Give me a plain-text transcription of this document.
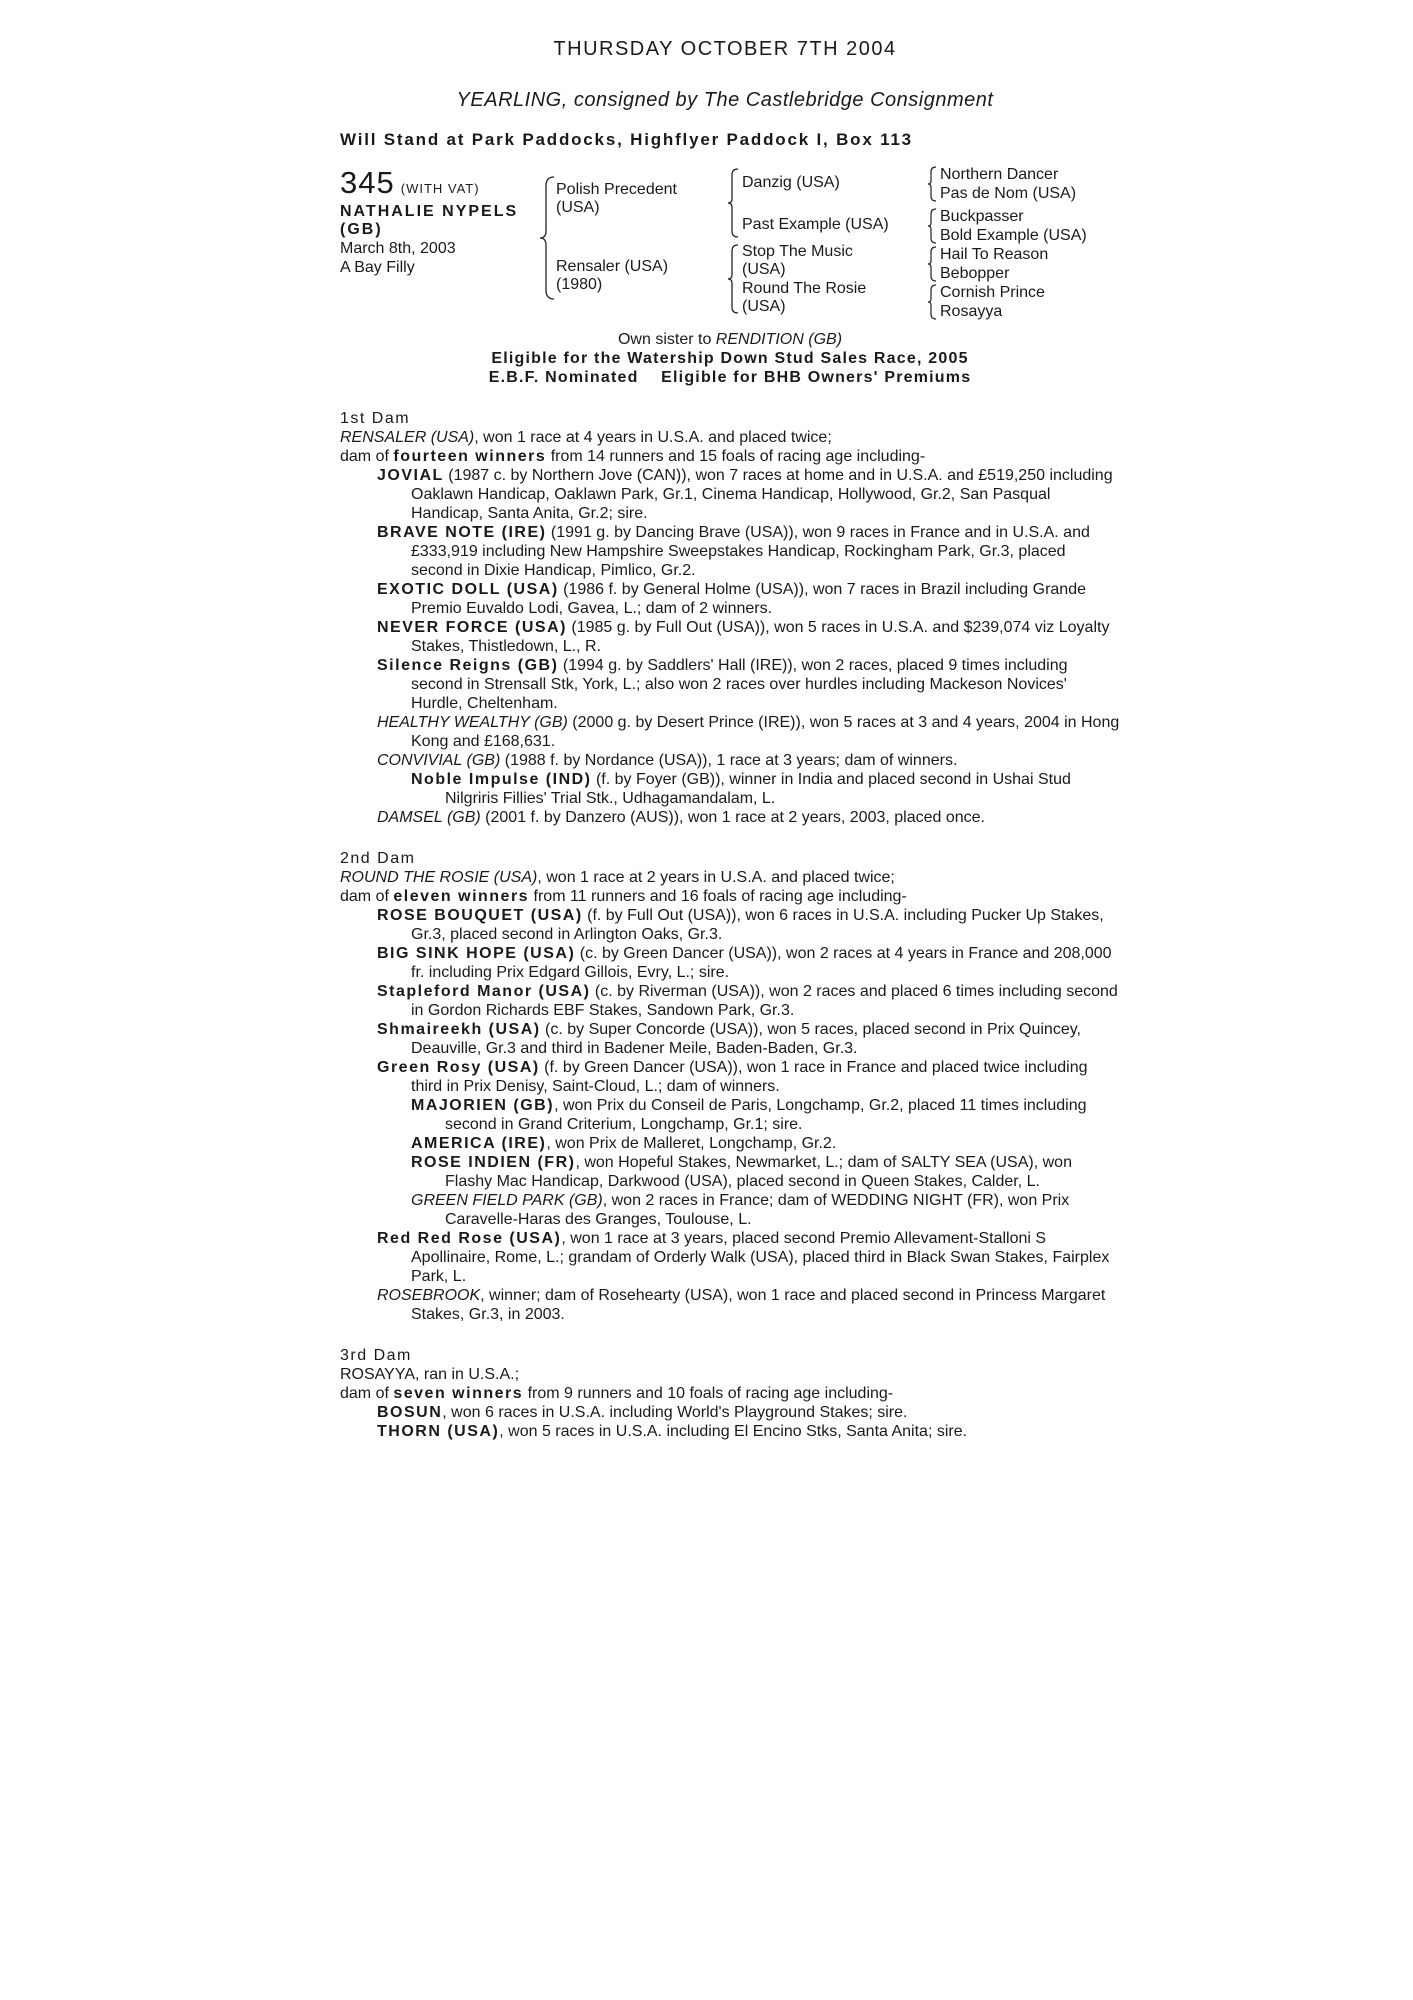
THURSDAY OCTOBER 7TH 2004
YEARLING, consigned by The Castlebridge Consignment
Will Stand at Park Paddocks, Highflyer Paddock I, Box 113
345 (WITH VAT)
NATHALIE NYPELS (GB)
March 8th, 2003
A Bay Filly
Polish Precedent (USA)
Rensaler (USA) (1980)
Danzig (USA)
Past Example (USA)
Stop The Music (USA)
Round The Rosie (USA)
Northern Dancer
Pas de Nom (USA)
Buckpasser
Bold Example (USA)
Hail To Reason
Bebopper
Cornish Prince
Rosayya
Own sister to RENDITION (GB)
Eligible for the Watership Down Stud Sales Race, 2005
E.B.F. Nominated    Eligible for BHB Owners' Premiums
1st Dam
RENSALER (USA), won 1 race at 4 years in U.S.A. and placed twice;
dam of fourteen winners from 14 runners and 15 foals of racing age including-
JOVIAL (1987 c. by Northern Jove (CAN)), won 7 races at home and in U.S.A. and £519,250 including Oaklawn Handicap, Oaklawn Park, Gr.1, Cinema Handicap, Hollywood, Gr.2, San Pasqual Handicap, Santa Anita, Gr.2; sire.
BRAVE NOTE (IRE) (1991 g. by Dancing Brave (USA)), won 9 races in France and in U.S.A. and £333,919 including New Hampshire Sweepstakes Handicap, Rockingham Park, Gr.3, placed second in Dixie Handicap, Pimlico, Gr.2.
EXOTIC DOLL (USA) (1986 f. by General Holme (USA)), won 7 races in Brazil including Grande Premio Euvaldo Lodi, Gavea, L.; dam of 2 winners.
NEVER FORCE (USA) (1985 g. by Full Out (USA)), won 5 races in U.S.A. and $239,074 viz Loyalty Stakes, Thistledown, L., R.
Silence Reigns (GB) (1994 g. by Saddlers' Hall (IRE)), won 2 races, placed 9 times including second in Strensall Stk, York, L.; also won 2 races over hurdles including Mackeson Novices' Hurdle, Cheltenham.
HEALTHY WEALTHY (GB) (2000 g. by Desert Prince (IRE)), won 5 races at 3 and 4 years, 2004 in Hong Kong and £168,631.
CONVIVIAL (GB) (1988 f. by Nordance (USA)), 1 race at 3 years; dam of winners.
Noble Impulse (IND) (f. by Foyer (GB)), winner in India and placed second in Ushai Stud Nilgriris Fillies' Trial Stk., Udhagamandalam, L.
DAMSEL (GB) (2001 f. by Danzero (AUS)), won 1 race at 2 years, 2003, placed once.
2nd Dam
ROUND THE ROSIE (USA), won 1 race at 2 years in U.S.A. and placed twice;
dam of eleven winners from 11 runners and 16 foals of racing age including-
ROSE BOUQUET (USA) (f. by Full Out (USA)), won 6 races in U.S.A. including Pucker Up Stakes, Gr.3, placed second in Arlington Oaks, Gr.3.
BIG SINK HOPE (USA) (c. by Green Dancer (USA)), won 2 races at 4 years in France and 208,000 fr. including Prix Edgard Gillois, Evry, L.; sire.
Stapleford Manor (USA) (c. by Riverman (USA)), won 2 races and placed 6 times including second in Gordon Richards EBF Stakes, Sandown Park, Gr.3.
Shmaireekh (USA) (c. by Super Concorde (USA)), won 5 races, placed second in Prix Quincey, Deauville, Gr.3 and third in Badener Meile, Baden-Baden, Gr.3.
Green Rosy (USA) (f. by Green Dancer (USA)), won 1 race in France and placed twice including third in Prix Denisy, Saint-Cloud, L.; dam of winners.
MAJORIEN (GB), won Prix du Conseil de Paris, Longchamp, Gr.2, placed 11 times including second in Grand Criterium, Longchamp, Gr.1; sire.
AMERICA (IRE), won Prix de Malleret, Longchamp, Gr.2.
ROSE INDIEN (FR), won Hopeful Stakes, Newmarket, L.; dam of SALTY SEA (USA), won Flashy Mac Handicap, Darkwood (USA), placed second in Queen Stakes, Calder, L.
GREEN FIELD PARK (GB), won 2 races in France; dam of WEDDING NIGHT (FR), won Prix Caravelle-Haras des Granges, Toulouse, L.
Red Red Rose (USA), won 1 race at 3 years, placed second Premio Allevament-Stalloni S Apollinaire, Rome, L.; grandam of Orderly Walk (USA), placed third in Black Swan Stakes, Fairplex Park, L.
ROSEBROOK, winner; dam of Rosehearty (USA), won 1 race and placed second in Princess Margaret Stakes, Gr.3, in 2003.
3rd Dam
ROSAYYA, ran in U.S.A.;
dam of seven winners from 9 runners and 10 foals of racing age including-
BOSUN, won 6 races in U.S.A. including World's Playground Stakes; sire.
THORN (USA), won 5 races in U.S.A. including El Encino Stks, Santa Anita; sire.
